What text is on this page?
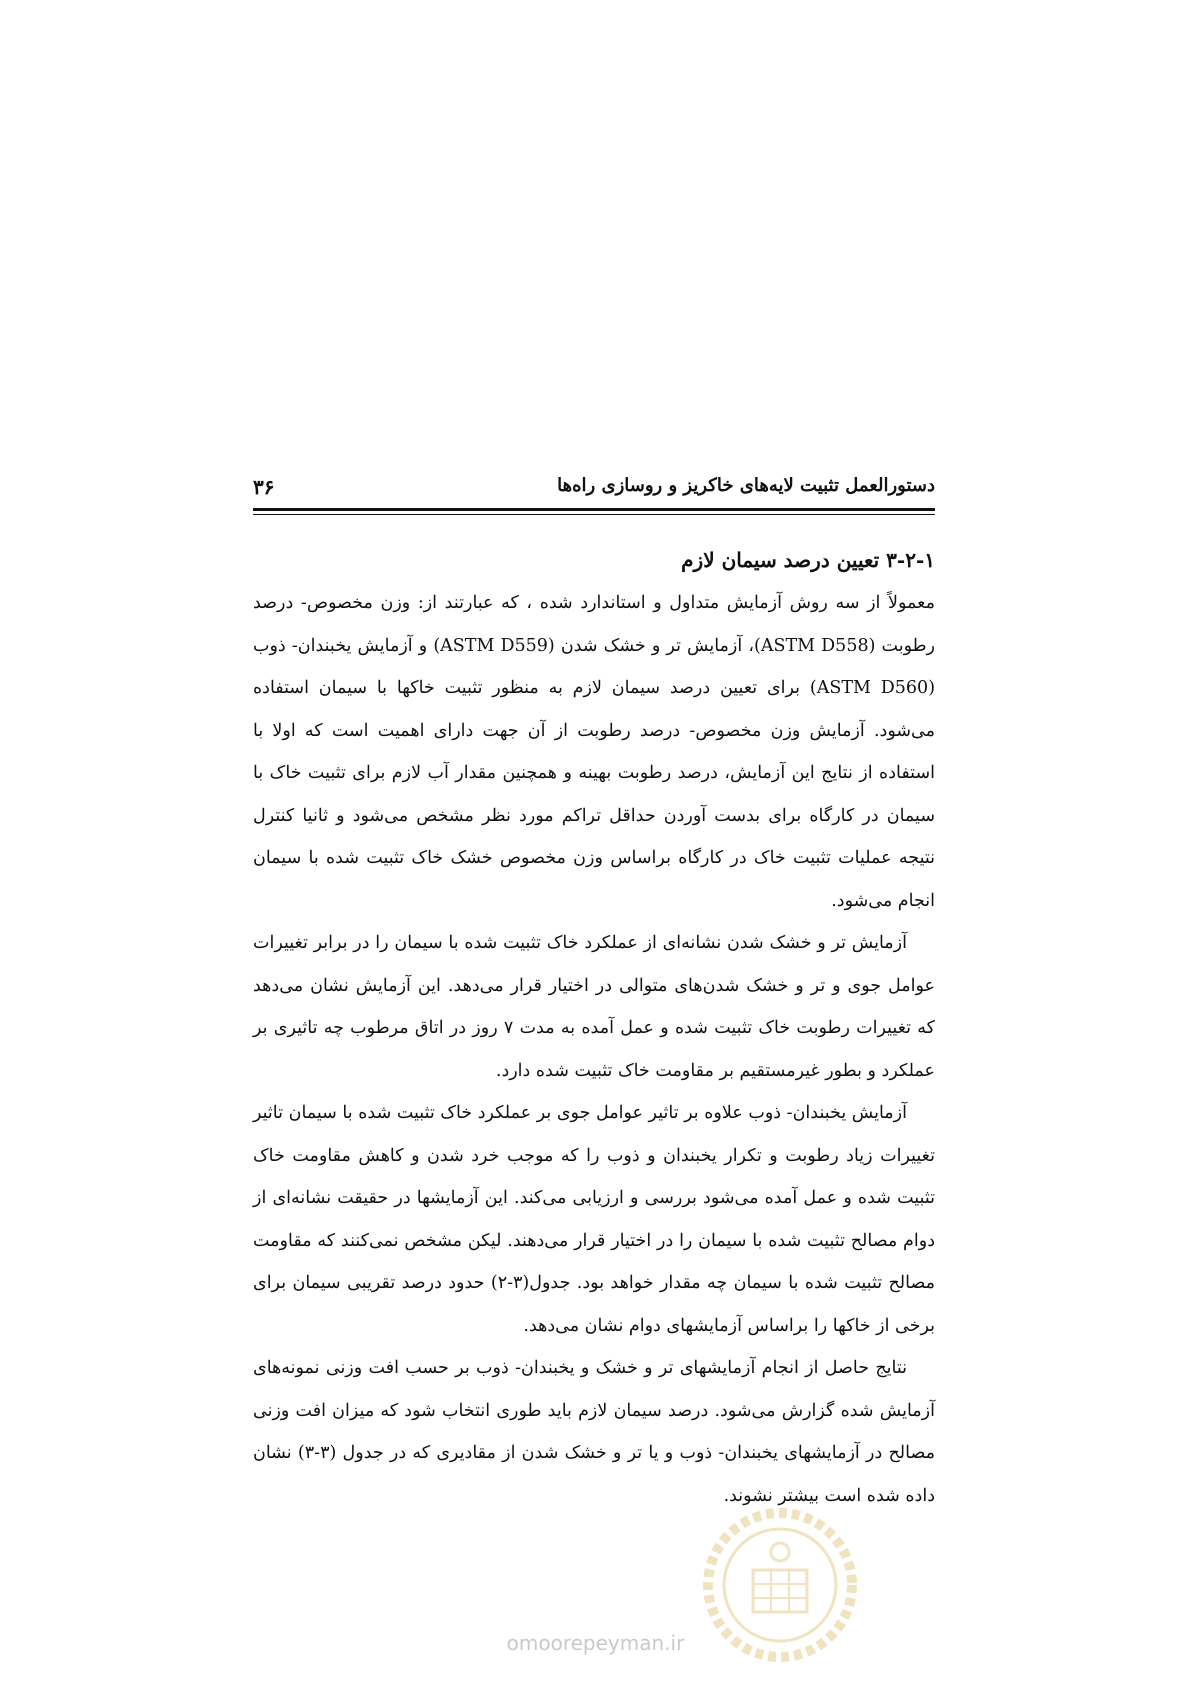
دستورالعمل تثبیت لایه‌های خاکریز و روسازی راه‌ها
۳۶
۳-۲-۱ تعیین درصد سیمان لازم

معمولاً از سه روش آزمایش متداول و استاندارد شده ، که عبارتند از: وزن مخصوص- درصد رطوبت (ASTM D558)، آزمایش تر و خشک شدن (ASTM D559) و آزمایش یخبندان- ذوب (ASTM D560) برای تعیین درصد سیمان لازم به منظور تثبیت خاکها با سیمان استفاده می‌شود. آزمایش وزن مخصوص- درصد رطوبت از آن جهت دارای اهمیت است که اولا با استفاده از نتایج این آزمایش، درصد رطوبت بهینه و همچنین مقدار آب لازم برای تثبیت خاک با سیمان در کارگاه برای بدست آوردن حداقل تراکم مورد نظر مشخص می‌شود و ثانیا کنترل نتیجه عملیات تثبیت خاک در کارگاه براساس وزن مخصوص خشک خاک تثبیت شده با سیمان انجام می‌شود.

آزمایش تر و خشک شدن نشانه‌ای از عملکرد خاک تثبیت شده با سیمان را در برابر تغییرات عوامل جوی و تر و خشک شدن‌های متوالی در اختیار قرار می‌دهد. این آزمایش نشان می‌دهد که تغییرات رطوبت خاک تثبیت شده و عمل آمده به مدت ۷ روز در اتاق مرطوب چه تاثیری بر عملکرد و بطور غیرمستقیم بر مقاومت خاک تثبیت شده دارد.

آزمایش یخبندان- ذوب علاوه بر تاثیر عوامل جوی بر عملکرد خاک تثبیت شده با سیمان تاثیر تغییرات زیاد رطوبت و تکرار یخبندان و ذوب را که موجب خرد شدن و کاهش مقاومت خاک تثبیت شده و عمل آمده می‌شود بررسی و ارزیابی می‌کند. این آزمایشها در حقیقت نشانه‌ای از دوام مصالح تثبیت شده با سیمان را در اختیار قرار می‌دهند. لیکن مشخص نمی‌کنند که مقاومت مصالح تثبیت شده با سیمان چه مقدار خواهد بود. جدول(۳-۲) حدود درصد تقریبی سیمان برای برخی از خاکها را براساس آزمایشهای دوام نشان می‌دهد.

نتایج حاصل از انجام آزمایشهای تر و خشک و یخبندان- ذوب بر حسب افت وزنی نمونه‌های آزمایش شده گزارش می‌شود. درصد سیمان لازم باید طوری انتخاب شود که میزان افت وزنی مصالح در آزمایشهای یخبندان- ذوب و یا تر و خشک شدن از مقادیری که در جدول (۳-۳) نشان داده شده است بیشتر نشوند.

omoorepeyman.ir
